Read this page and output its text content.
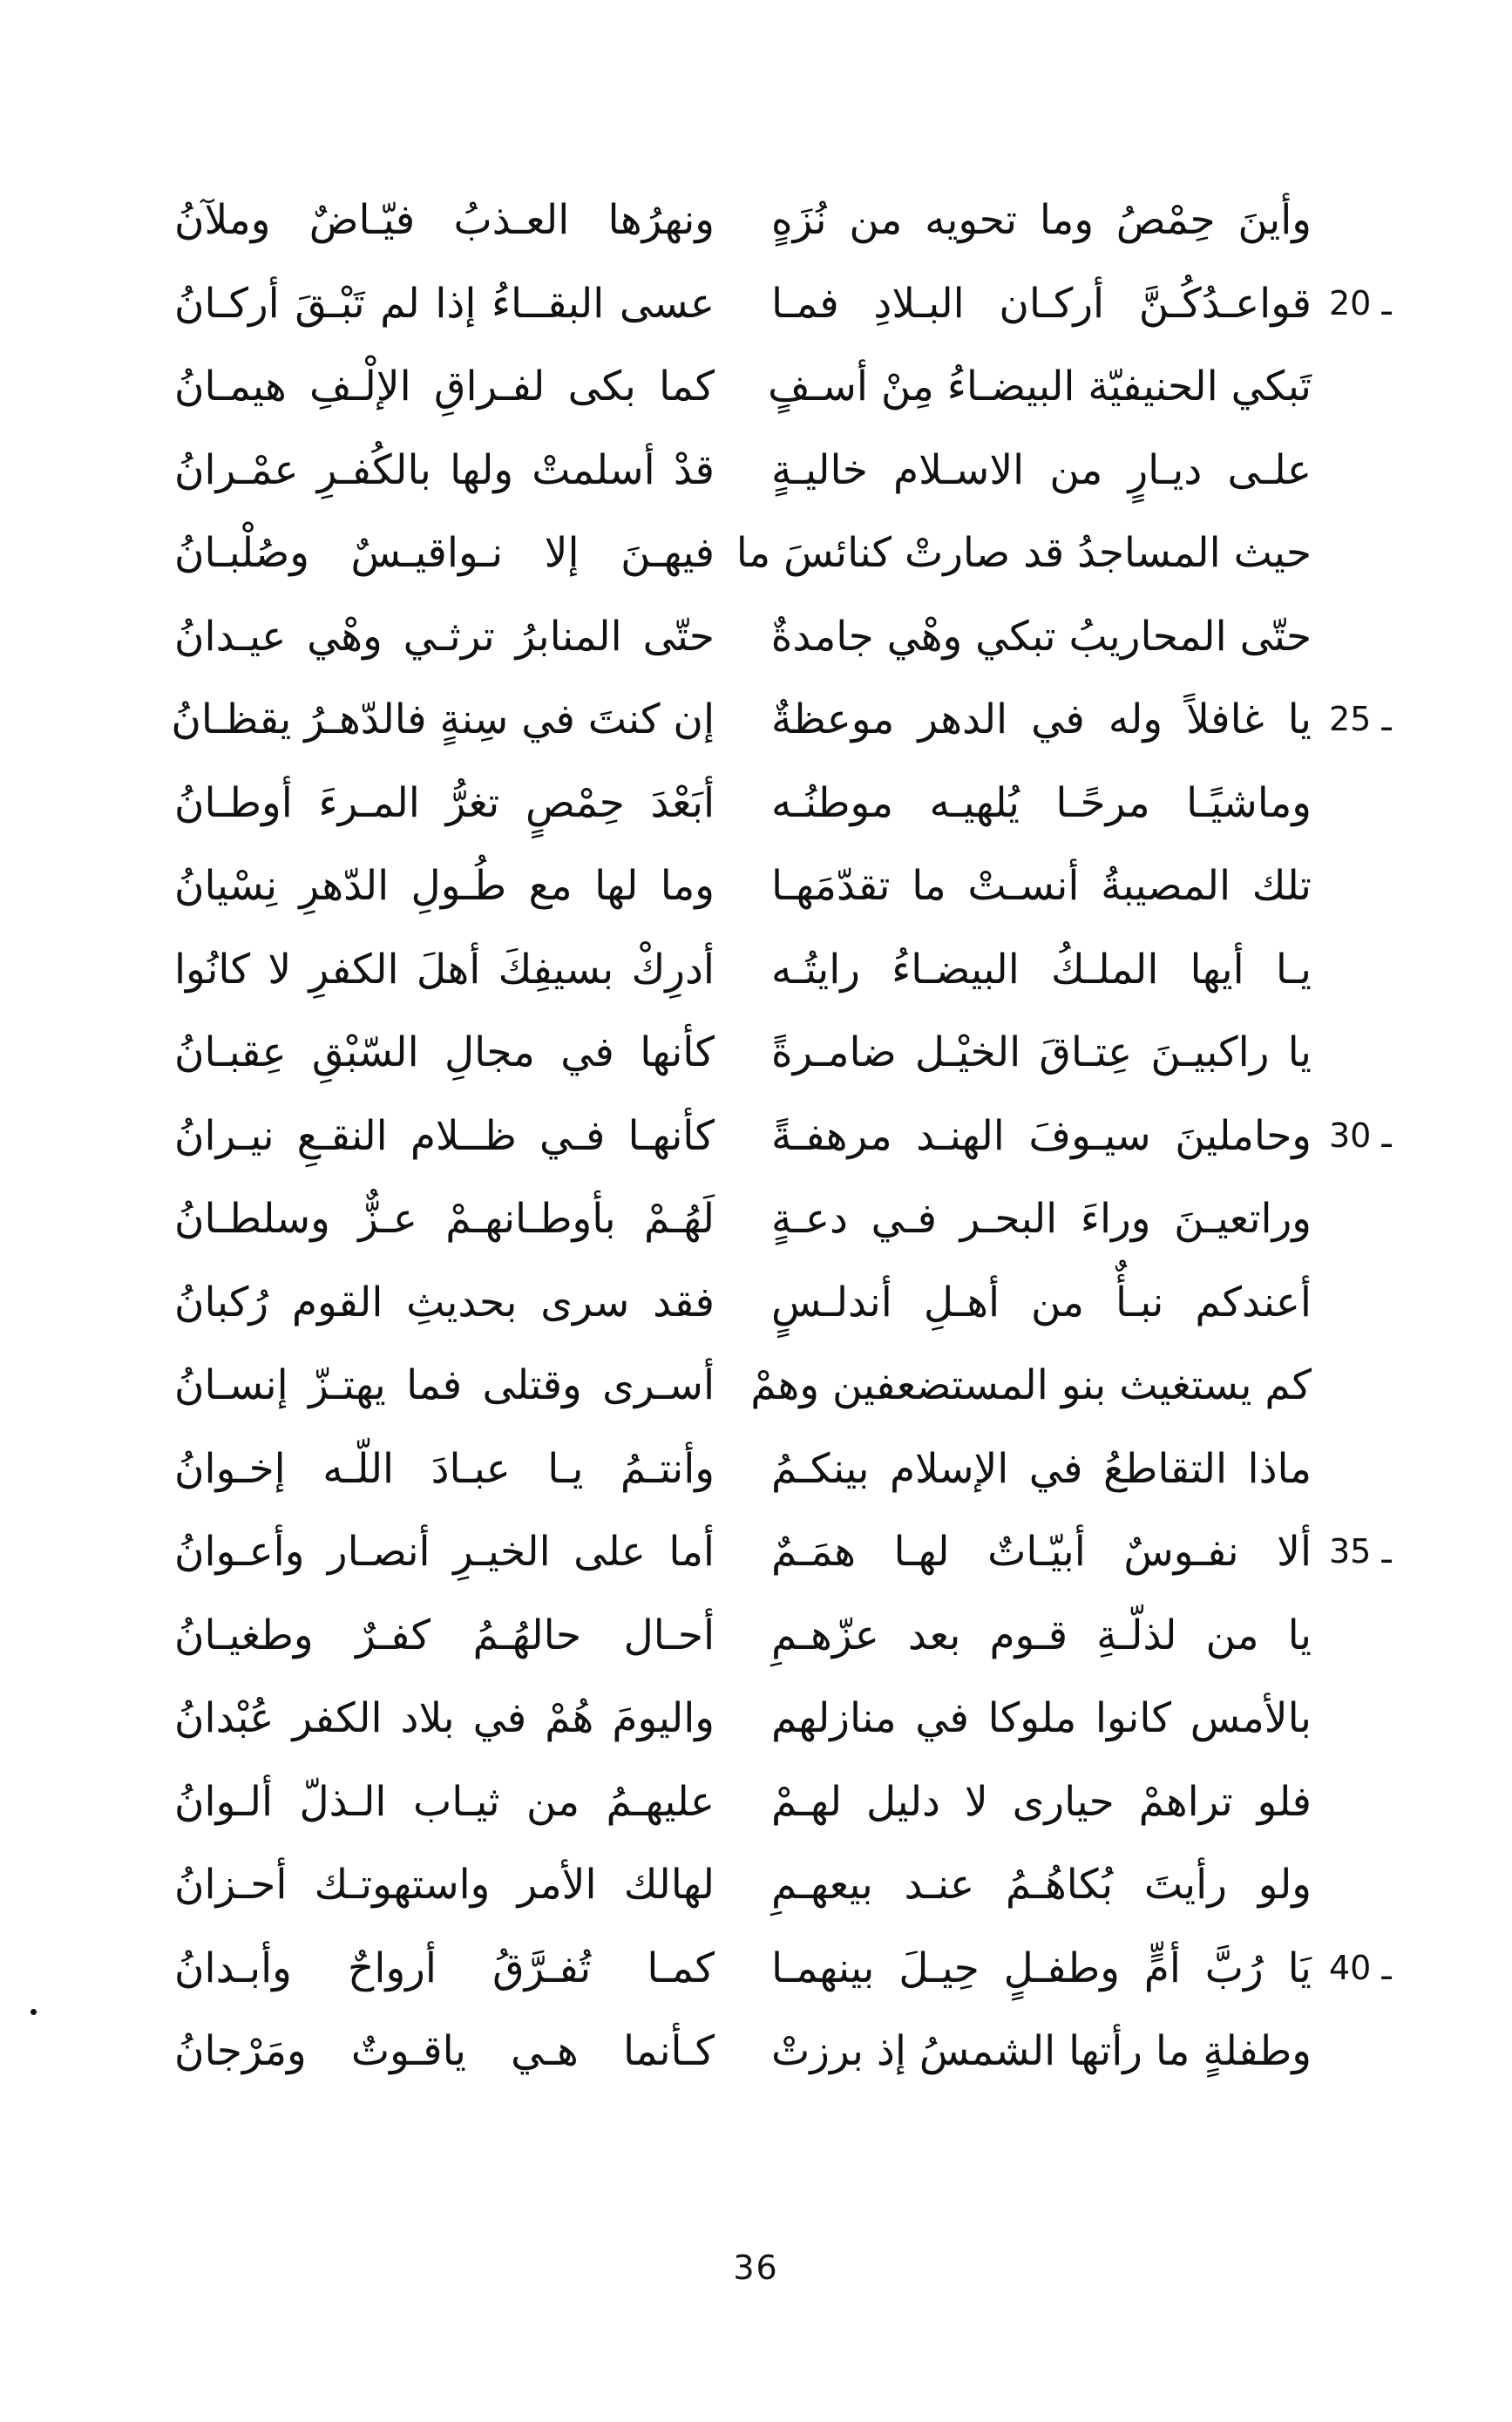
وأينَ حِمْصُ وما تحويه من نُزَهٍ
ونهرُها العـذبُ فيّـاضٌ وملآنُ
20 ـ
قواعـدُكُـنَّ أركـان البـلادِ فمـا
عسى البقــاءُ إذا لم تَبْـقَ أركـانُ
تَبكي الحنيفيّة البيضـاءُ مِنْ أسـفٍ
كما بكى لفـراقِ الإلْـفِ هيمـانُ
علـى ديـارٍ من الاسـلام خاليـةٍ
قدْ أسلمتْ ولها بالكُفـرِ عمْـرانُ
حيث المساجدُ قد صارتْ كنائسَ ما
فيهـنَ إلا نـواقيـسٌ وصُلْبـانُ
حتّى المحاريبُ تبكي وهْي جامدةٌ
حتّى المنابرُ ترثـي وهْي عيـدانُ
25 ـ
يا غافلاً وله في الدهر موعظةٌ
إن كنتَ في سِنةٍ فالدّهـرُ يقظـانُ
وماشيًـا مرحًـا يُلهيـه موطنُـه
أبَعْدَ حِمْصٍ تغرُّ المـرءَ أوطـانُ
تلك المصيبةُ أنسـتْ ما تقدّمَهـا
وما لها مع طُـولِ الدّهرِ نِسْيانُ
يـا أيها الملـكُ البيضـاءُ رايتُـه
أدرِكْ بسيفِكَ أهلَ الكفرِ لا كانُوا
يا راكبيـنَ عِتـاقَ الخيْـل ضامـرةً
كأنها في مجالِ السّبْقِ عِقبـانُ
30 ـ
وحاملينَ سيـوفَ الهنـد مرهفـةً
كأنهـا فـي ظــلام النقـعِ نيـرانُ
وراتعيـنَ وراءَ البحـر فـي دعـةٍ
لَهُـمْ بأوطـانهـمْ عـزٌّ وسلطـانُ
أعندكم نبـأٌ من أهـلِ أندلـسٍ
فقد سرى بحديثِ القوم رُكبانُ
كم يستغيث بنو المستضعفين وهمْ
أسـرى وقتلى فما يهتـزّ إنسـانُ
ماذا التقاطعُ في الإسلام بينكـمُ
وأنتـمُ يـا عبـادَ اللّـه إخـوانُ
35 ـ
ألا نفـوسٌ أبيّـاتٌ لهـا همَـمٌ
أما على الخيـرِ أنصـار وأعـوانُ
يا من لذلّـةِ قـوم بعد عزّهـمِ
أحـال حالهُـمُ كفـرٌ وطغيـانُ
بالأمس كانوا ملوكا في منازلهم
واليومَ هُمْ في بلاد الكفر عُبْدانُ
فلو تراهمْ حيارى لا دليل لهـمْ
عليهـمُ من ثيـاب الـذلّ ألـوانُ
ولو رأيتَ بُكاهُـمُ عنـد بيعهـمِ
لهالك الأمر واستهوتـك أحـزانُ
40 ـ
يَا رُبَّ أمٍّ وطفـلٍ حِيـلَ بينهمـا
كمـا تُفـرَّقُ أرواحٌ وأبـدانُ
وطفلةٍ ما رأتها الشمسُ إذ برزتْ
كـأنما هـي ياقـوتٌ ومَرْجانُ
36
